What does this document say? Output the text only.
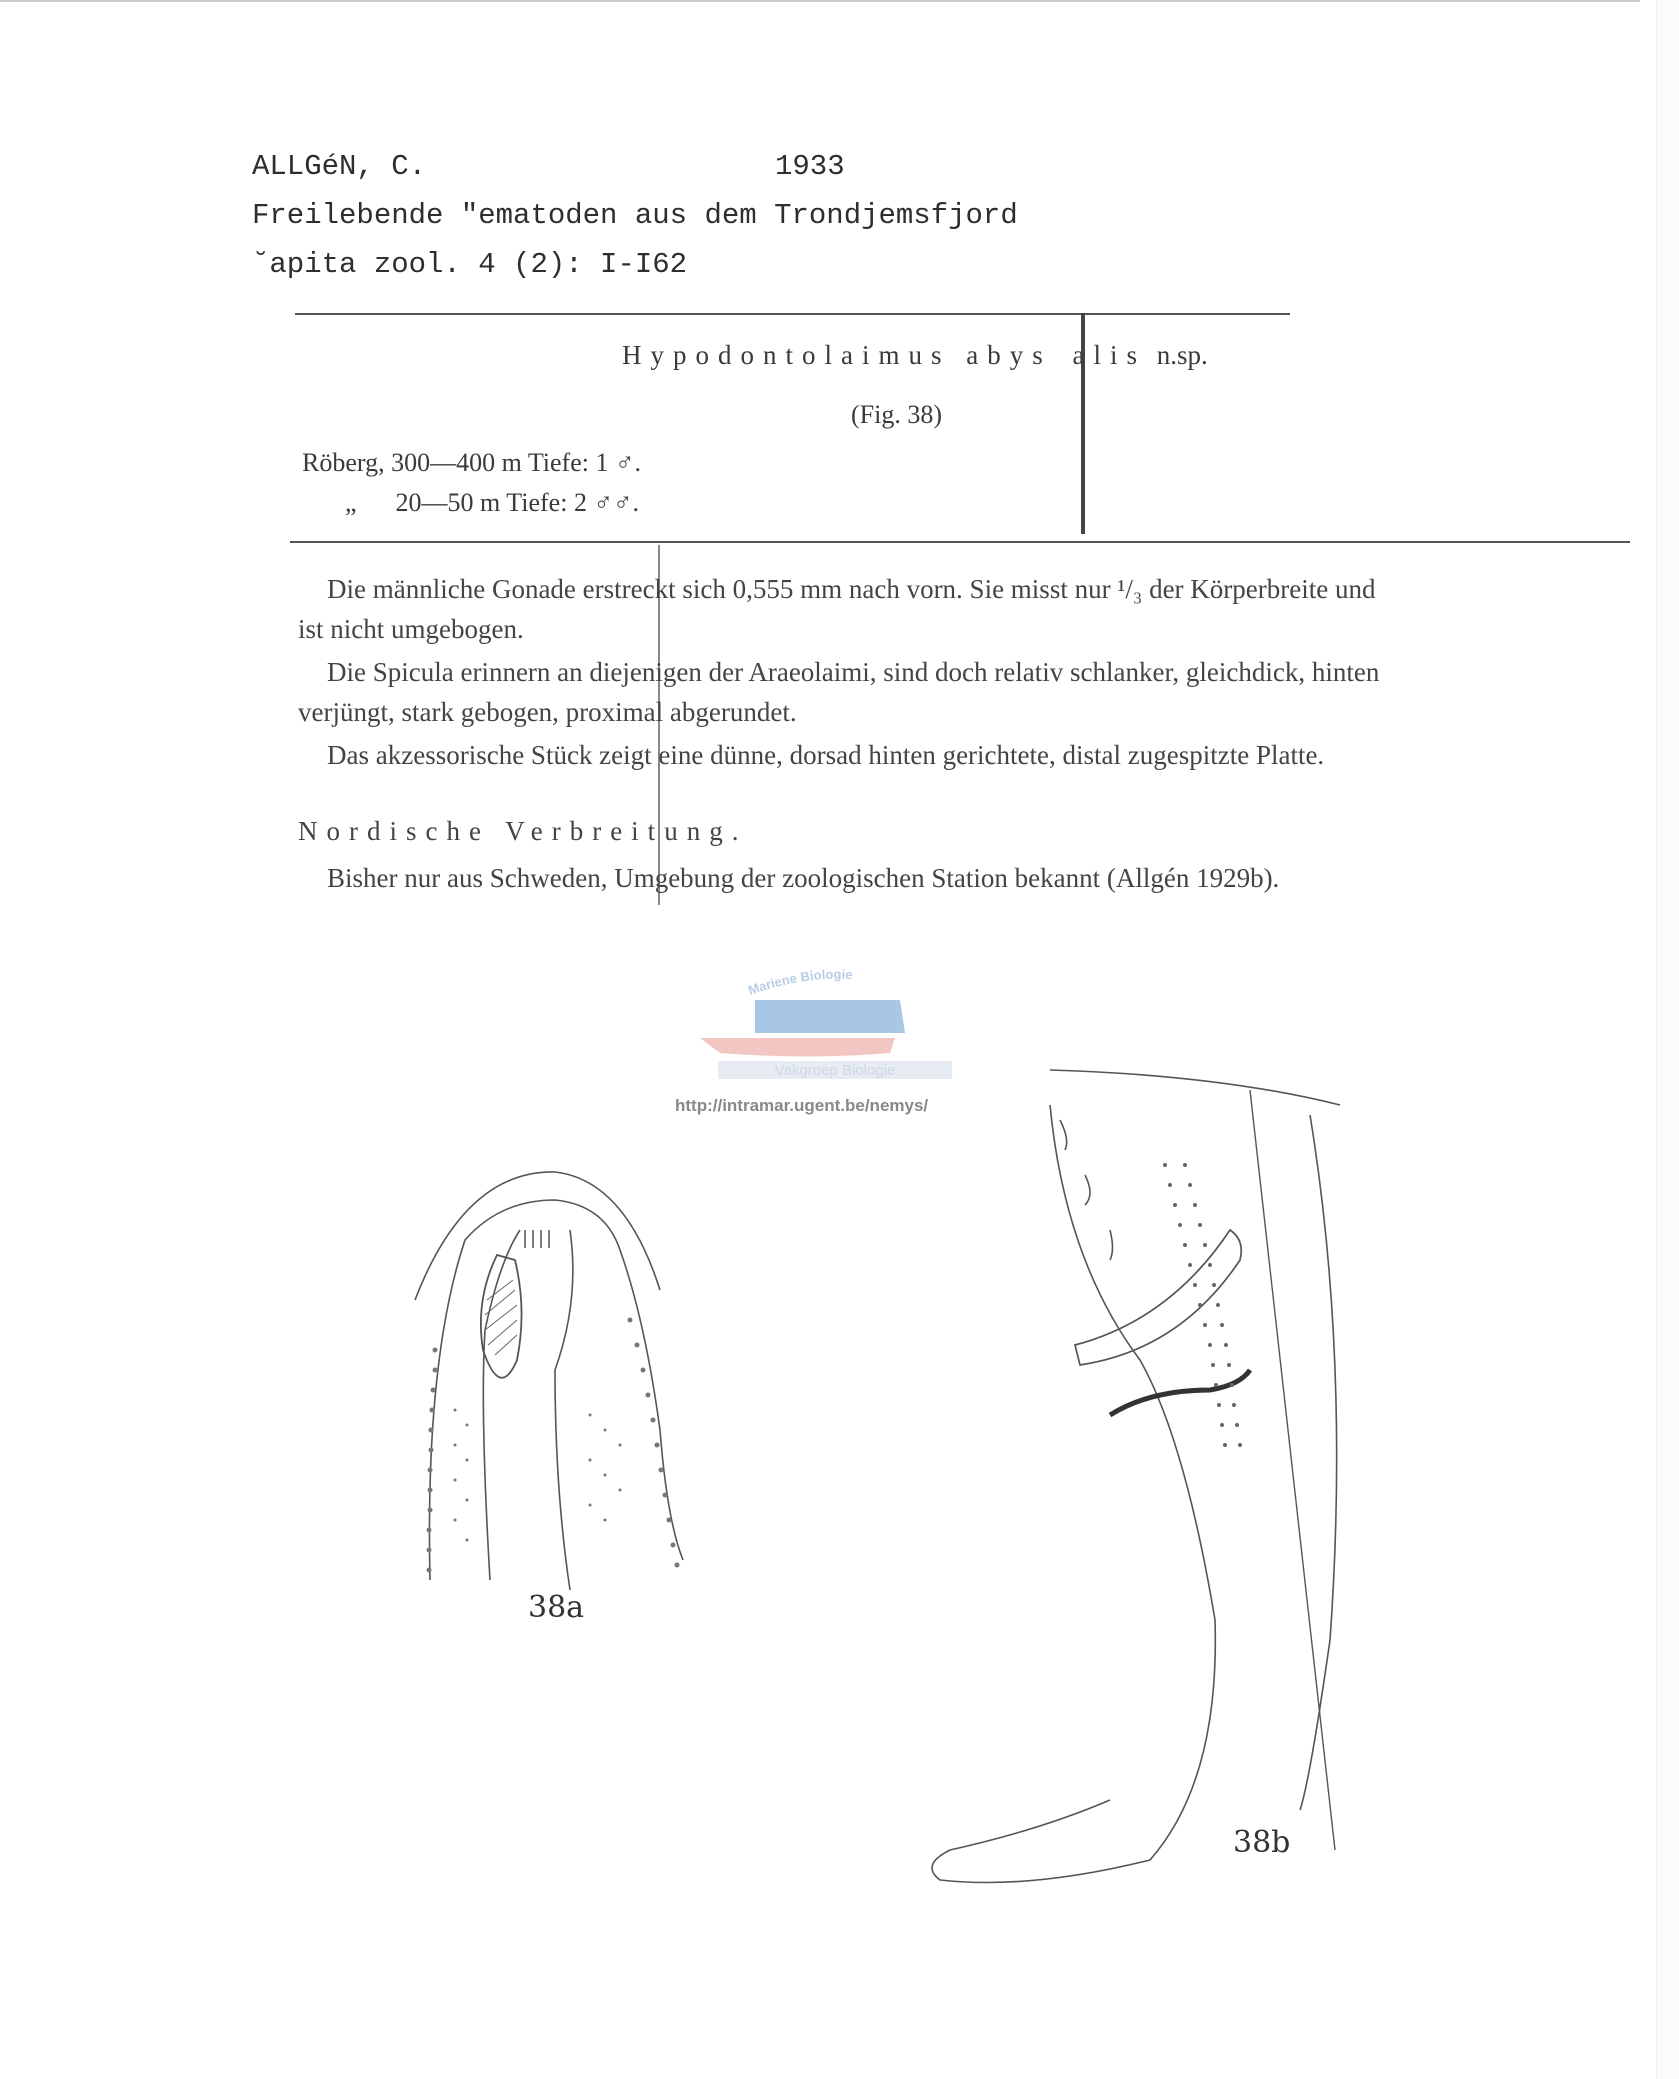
ALLGéN, C.	1933
Freilebende "ematoden aus dem Trondjemsfjord
˘apita zool. 4 (2): I-I62
Hypodontolaimus abys alis n.sp.
(Fig. 38)
Röberg, 300—400 m Tiefe: 1 ♂.
„      20—50 m Tiefe: 2 ♂♂.
Die männliche Gonade erstreckt sich 0,555 mm nach vorn. Sie misst nur ¹/₃ der Körperbreite und
ist nicht umgebogen.
Die Spicula erinnern an diejenigen der Araeolaimi, sind doch relativ schlanker, gleichdick, hinten
verjüngt, stark gebogen, proximal abgerundet.
Das akzessorische Stück zeigt eine dünne, dorsad hinten gerichtete, distal zugespitzte Platte.
Nordische Verbreitung.
Bisher nur aus Schweden, Umgebung der zoologischen Station bekannt (Allgén 1929b).
Mariene Biologie
Vakgroep Biologie
http://intramar.ugent.be/nemys/
38a
38b
